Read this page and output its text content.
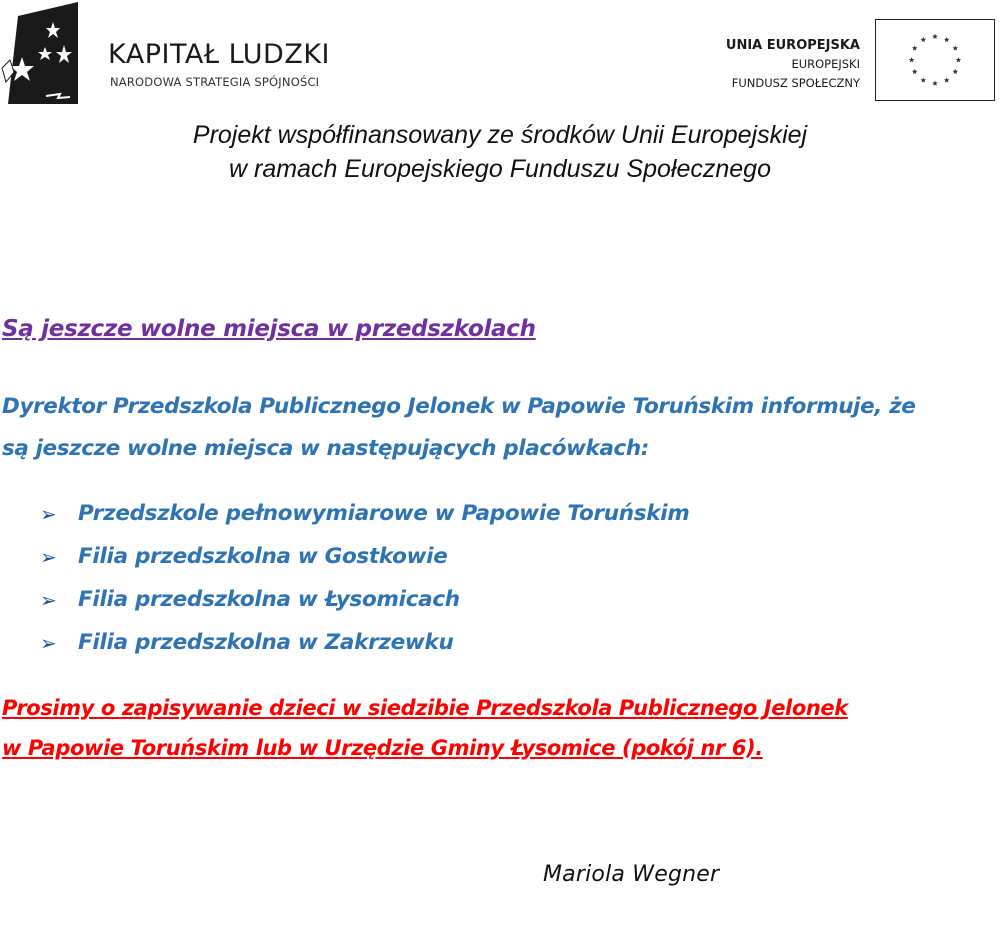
KAPITAŁ LUDZKI
NARODOWA STRATEGIA SPÓJNOŚCI
UNIA EUROPEJSKA
EUROPEJSKI
FUNDUSZ SPOŁECZNY
Projekt współfinansowany ze środków Unii Europejskiej
w ramach Europejskiego Funduszu Społecznego
Są jeszcze wolne miejsca w przedszkolach
Dyrektor Przedszkola Publicznego Jelonek w Papowie Toruńskim informuje, że
są jeszcze wolne miejsca w następujących placówkach:
➢ Przedszkole pełnowymiarowe w Papowie Toruńskim
➢ Filia przedszkolna w Gostkowie
➢ Filia przedszkolna w Łysomicach
➢ Filia przedszkolna w Zakrzewku
Prosimy o zapisywanie dzieci w siedzibie Przedszkola Publicznego Jelonek
w Papowie Toruńskim lub w Urzędzie Gminy Łysomice (pokój nr 6).
Mariola Wegner
